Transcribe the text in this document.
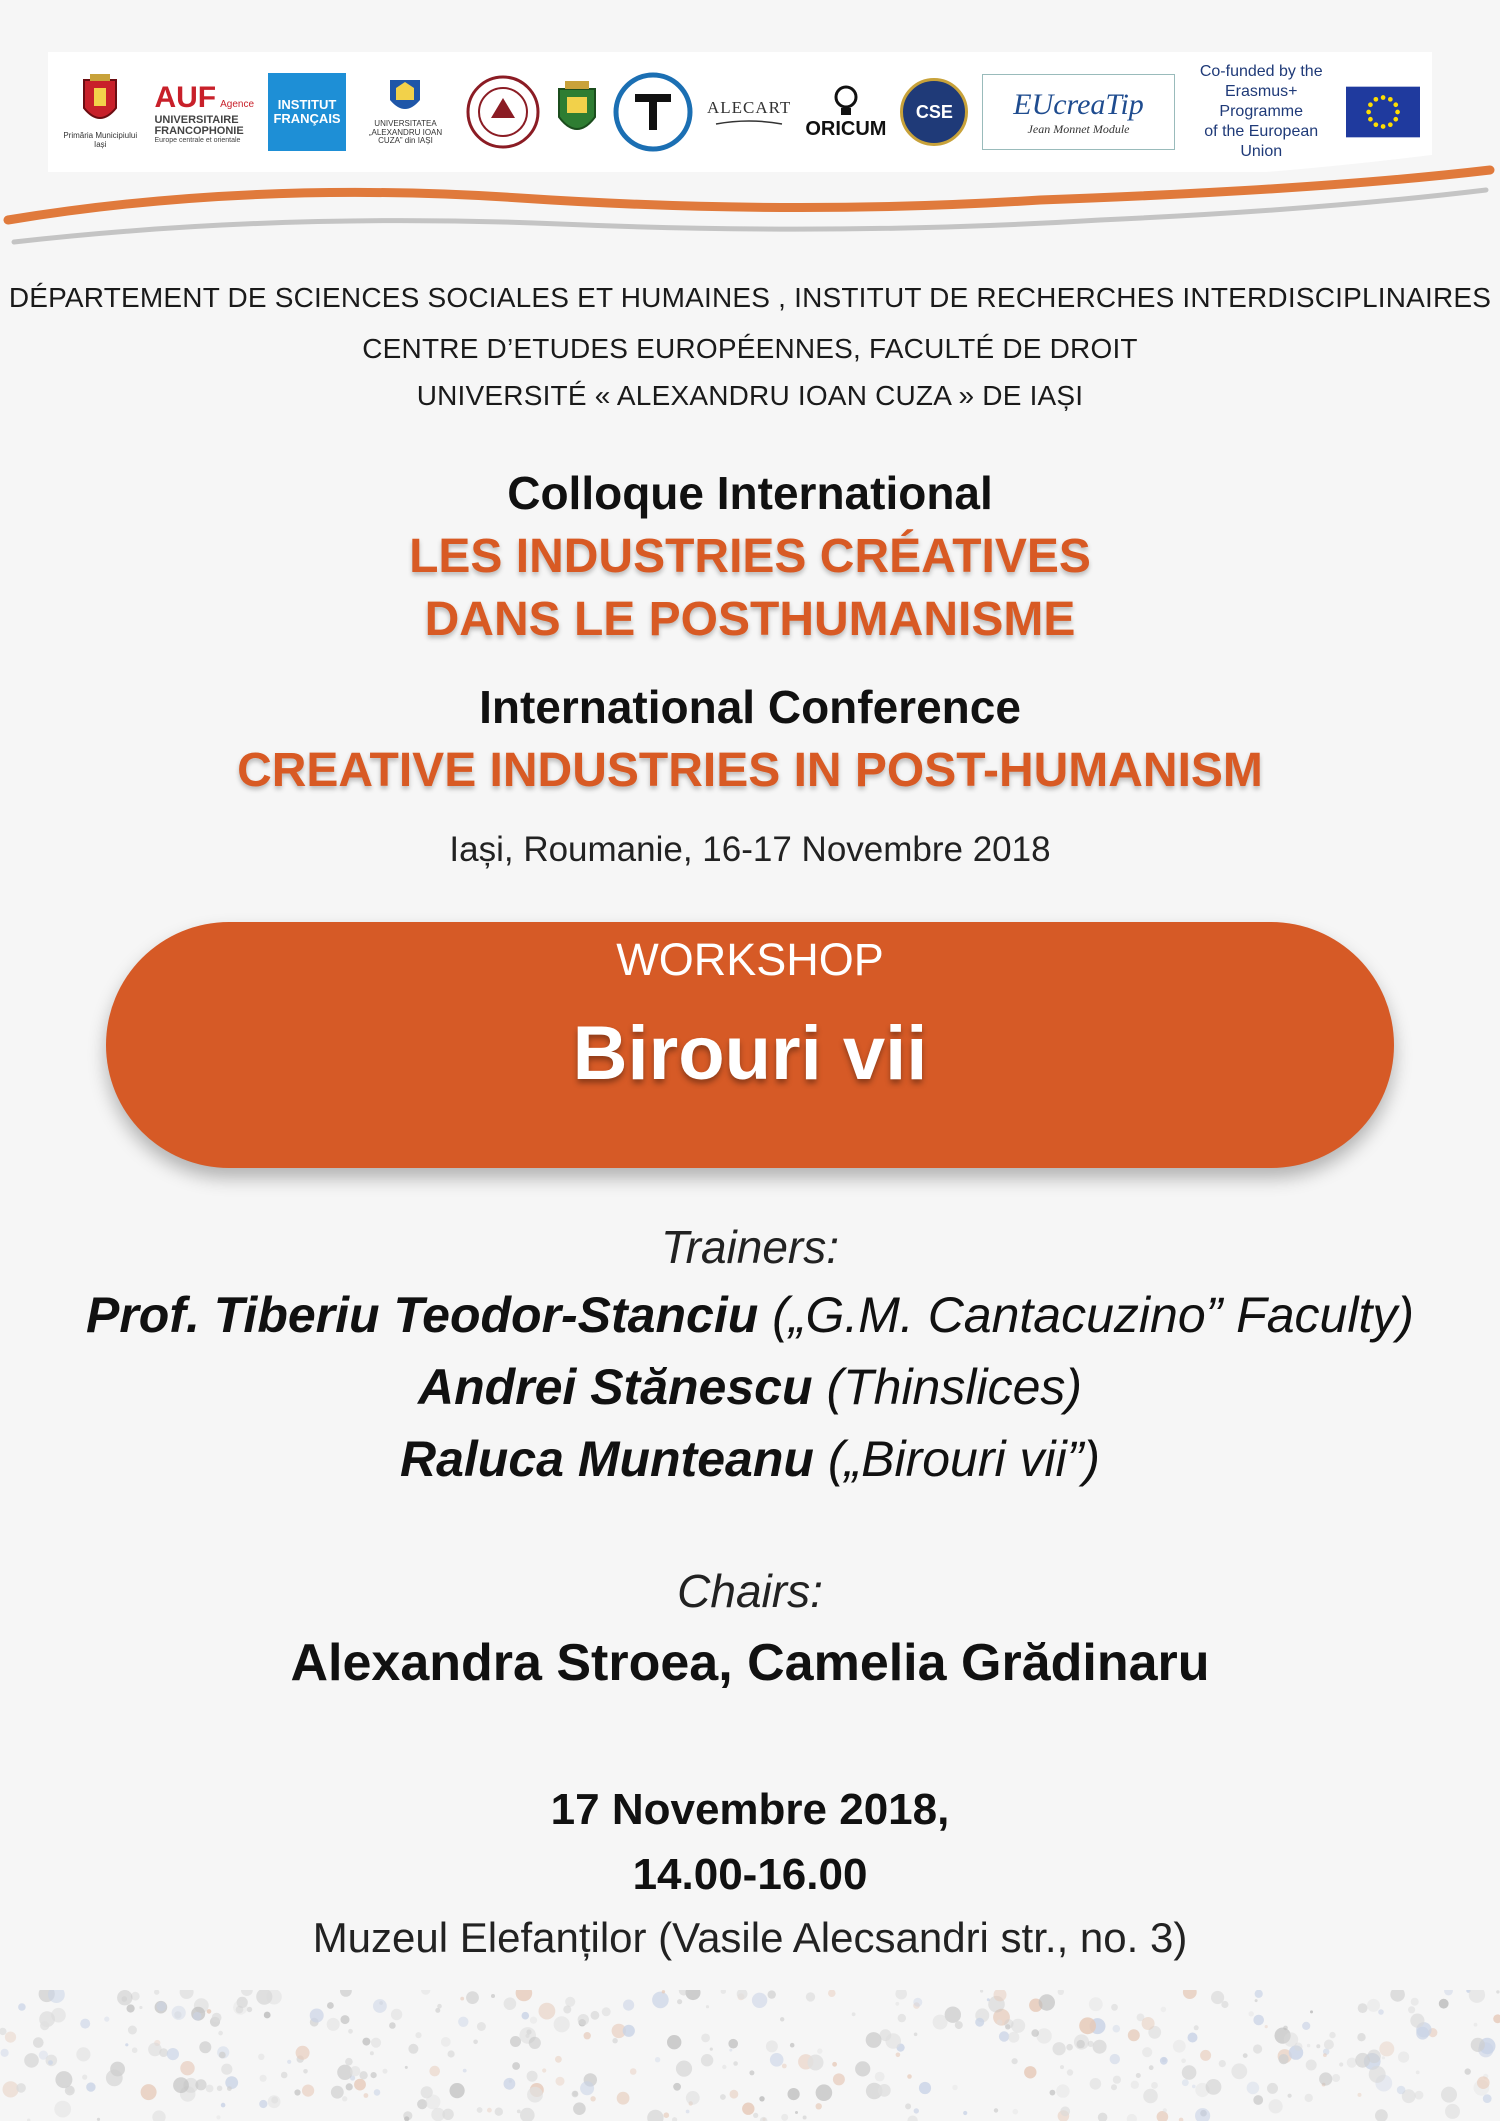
Primăria Municipiului Iași
AUF Agence
UNIVERSITAIRE
FRANCOPHONIE
Europe centrale et orientale
INSTITUT FRANÇAIS	UNIVERSITATEA „ALEXANDRU IOAN CUZA” din IAȘI
ALECART
ORICUM
CSE	EUcreaTip
Jean Monnet Module
Co-funded by the
Erasmus+ Programme
of the European Union
DÉPARTEMENT DE SCIENCES SOCIALES ET HUMAINES , INSTITUT DE RECHERCHES INTERDISCIPLINAIRES
CENTRE D’ETUDES EUROPÉENNES, FACULTÉ DE DROIT
UNIVERSITÉ « ALEXANDRU IOAN CUZA » DE IAȘI
Colloque International
LES INDUSTRIES CRÉATIVES
DANS LE POSTHUMANISME
International Conference
CREATIVE INDUSTRIES IN POST-HUMANISM
Iași, Roumanie, 16-17 Novembre 2018
WORKSHOP
Birouri vii
Trainers:
Prof. Tiberiu Teodor-Stanciu („G.M. Cantacuzino” Faculty)
Andrei Stănescu (Thinslices)
Raluca Munteanu („Birouri vii”)
Chairs:
Alexandra Stroea, Camelia Grădinaru
17 Novembre 2018,
14.00-16.00
Muzeul Elefanților (Vasile Alecsandri str., no. 3)
